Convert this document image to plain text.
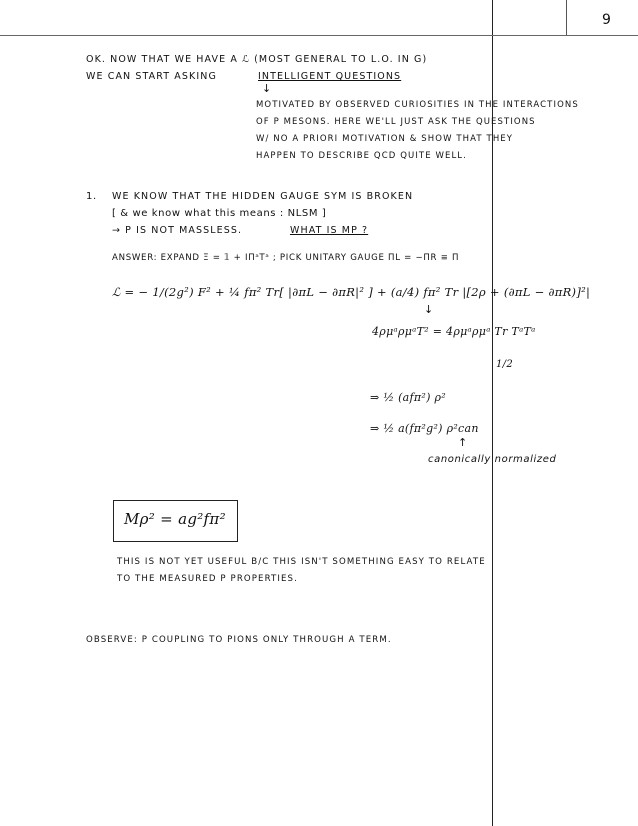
9
OK. NOW THAT WE HAVE A ℒ (MOST GENERAL TO L.O. IN G)
WE CAN START ASKING	INTELLIGENT QUESTIONS
↓
MOTIVATED BY OBSERVED CURIOSITIES IN THE INTERACTIONS
OF Ρ MESONS. HERE WE'LL JUST ASK THE QUESTIONS
W/ NO A PRIORI MOTIVATION & SHOW THAT THEY
HAPPEN TO DESCRIBE QCD QUITE WELL.
1. WE KNOW THAT THE HIDDEN GAUGE SYM IS BROKEN
[ & we know what this means : NLSM ]
→ Ρ IS NOT MASSLESS.	WHAT IS MΡ ?
ANSWER: EXPAND Ξ = 𝟙 + IΠᵃTᵃ ; PICK UNITARY GAUGE ΠL = −ΠR ≡ Π
ℒ = − 1/(2g²) F² + ¼ fπ² Tr[ |∂πL − ∂πR|² ] + (a/4) fπ² Tr |[2ρ + (∂πL − ∂πR)]²|
↓
4ρμᵃρμᵃT² = 4ρμᵃρμᵃ Tr TᵃTᵃ
1/2
⇒ ½ (afπ²) ρ²
⇒ ½ a(fπ²g²) ρ²can
↑
canonically normalized
Mρ² = ag²fπ²
THIS IS NOT YET USEFUL B/C THIS ISN'T SOMETHING EASY TO RELATE
TO THE MEASURED Ρ PROPERTIES.
OBSERVE: Ρ COUPLING TO PIONS ONLY THROUGH A TERM.
